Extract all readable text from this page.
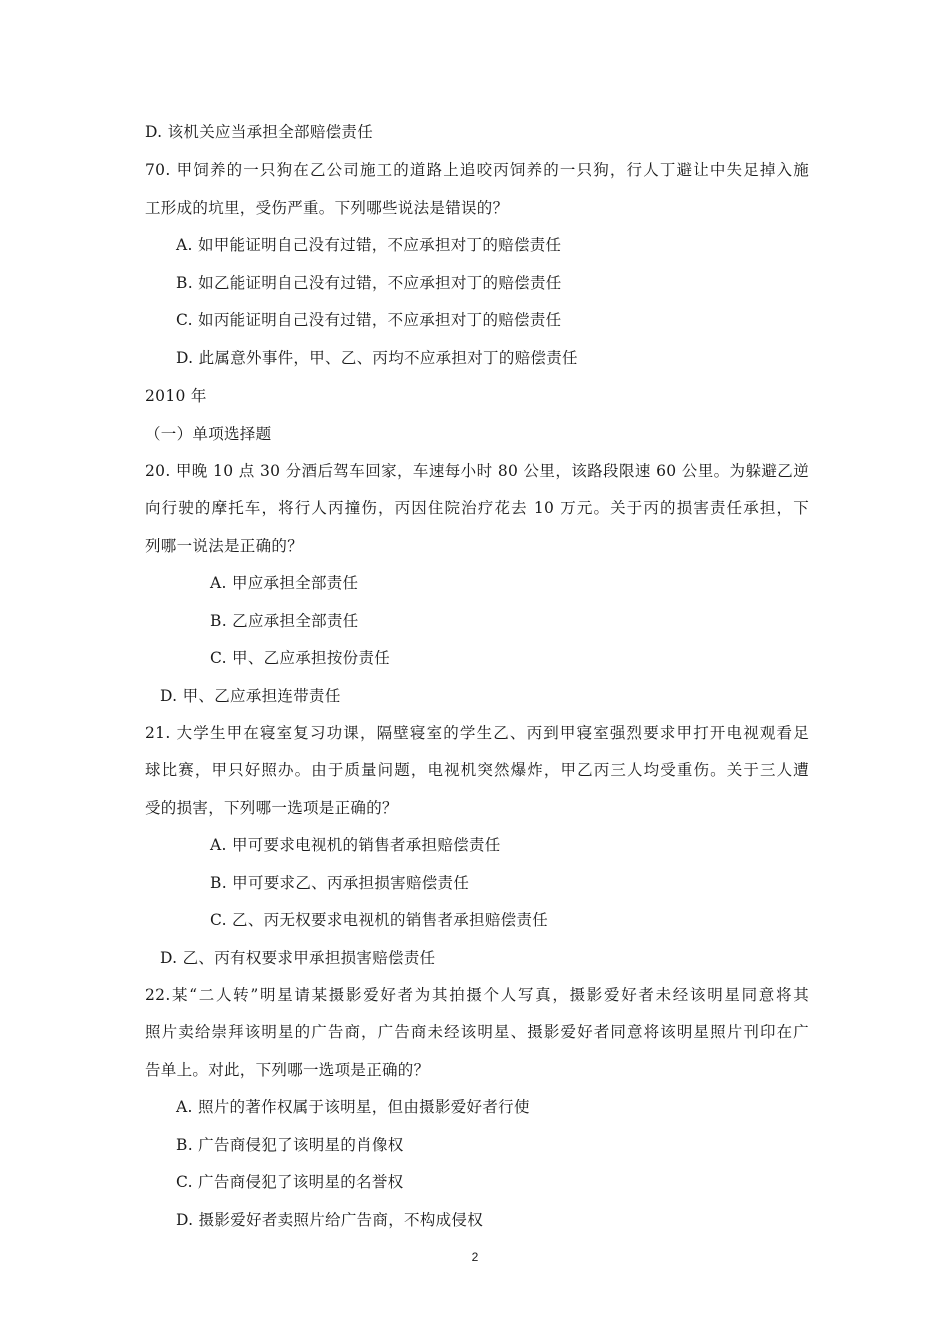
D. 该机关应当承担全部赔偿责任
70. 甲饲养的一只狗在乙公司施工的道路上追咬丙饲养的一只狗，行人丁避让中失足掉入施
工形成的坑里，受伤严重。下列哪些说法是错误的？
A. 如甲能证明自己没有过错，不应承担对丁的赔偿责任
B. 如乙能证明自己没有过错，不应承担对丁的赔偿责任
C. 如丙能证明自己没有过错，不应承担对丁的赔偿责任
D. 此属意外事件，甲、乙、丙均不应承担对丁的赔偿责任
2010 年
（一）单项选择题
20. 甲晚 10 点 30 分酒后驾车回家，车速每小时 80 公里，该路段限速 60 公里。为躲避乙逆
向行驶的摩托车，将行人丙撞伤，丙因住院治疗花去 10 万元。关于丙的损害责任承担，下
列哪一说法是正确的？
A. 甲应承担全部责任
B. 乙应承担全部责任
C. 甲、乙应承担按份责任
D. 甲、乙应承担连带责任
21. 大学生甲在寝室复习功课，隔壁寝室的学生乙、丙到甲寝室强烈要求甲打开电视观看足
球比赛，甲只好照办。由于质量问题，电视机突然爆炸，甲乙丙三人均受重伤。关于三人遭
受的损害，下列哪一选项是正确的？
A. 甲可要求电视机的销售者承担赔偿责任
B. 甲可要求乙、丙承担损害赔偿责任
C. 乙、丙无权要求电视机的销售者承担赔偿责任
D. 乙、丙有权要求甲承担损害赔偿责任
22.某“二人转”明星请某摄影爱好者为其拍摄个人写真，摄影爱好者未经该明星同意将其
照片卖给崇拜该明星的广告商，广告商未经该明星、摄影爱好者同意将该明星照片刊印在广
告单上。对此，下列哪一选项是正确的？
A. 照片的著作权属于该明星，但由摄影爱好者行使
B. 广告商侵犯了该明星的肖像权
C. 广告商侵犯了该明星的名誉权
D. 摄影爱好者卖照片给广告商，不构成侵权
2
